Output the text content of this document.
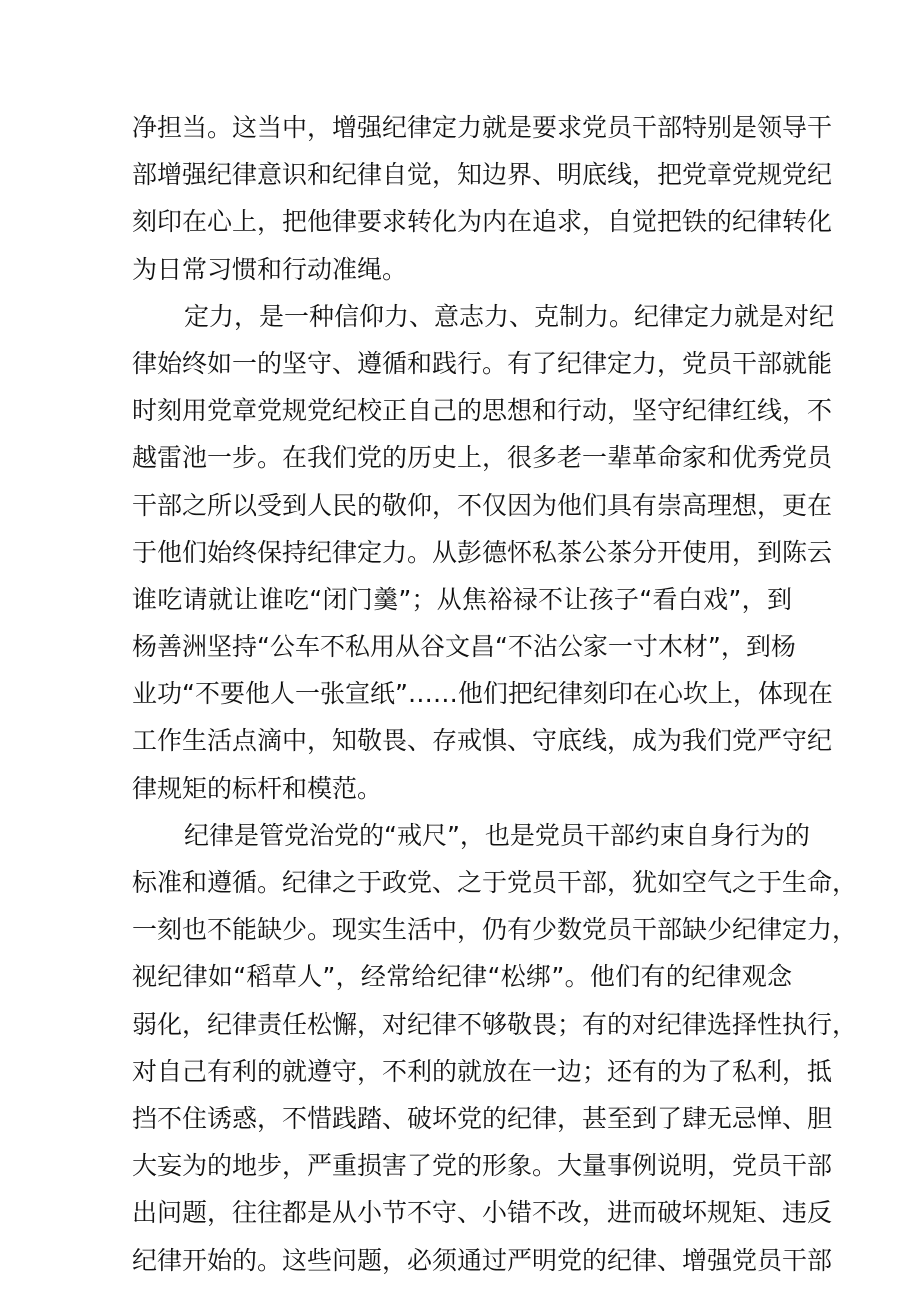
净担当。这当中，增强纪律定力就是要求党员干部特别是领导干
部增强纪律意识和纪律自觉，知边界、明底线，把党章党规党纪
刻印在心上，把他律要求转化为内在追求，自觉把铁的纪律转化
为日常习惯和行动准绳。
定力，是一种信仰力、意志力、克制力。纪律定力就是对纪
律始终如一的坚守、遵循和践行。有了纪律定力，党员干部就能
时刻用党章党规党纪校正自己的思想和行动，坚守纪律红线，不
越雷池一步。在我们党的历史上，很多老一辈革命家和优秀党员
干部之所以受到人民的敬仰，不仅因为他们具有崇高理想，更在
于他们始终保持纪律定力。从彭德怀私茶公茶分开使用，到陈云
谁吃请就让谁吃“闭门羹”；从焦裕禄不让孩子“看白戏”，到
杨善洲坚持“公车不私用从谷文昌“不沾公家一寸木材”，到杨
业功“不要他人一张宣纸”……他们把纪律刻印在心坎上，体现在
工作生活点滴中，知敬畏、存戒惧、守底线，成为我们党严守纪
律规矩的标杆和模范。
纪律是管党治党的“戒尺”，也是党员干部约束自身行为的
标准和遵循。纪律之于政党、之于党员干部，犹如空气之于生命，
一刻也不能缺少。现实生活中，仍有少数党员干部缺少纪律定力，
视纪律如“稻草人”，经常给纪律“松绑”。他们有的纪律观念
弱化，纪律责任松懈，对纪律不够敬畏；有的对纪律选择性执行，
对自己有利的就遵守，不利的就放在一边；还有的为了私利，抵
挡不住诱惑，不惜践踏、破坏党的纪律，甚至到了肆无忌惮、胆
大妄为的地步，严重损害了党的形象。大量事例说明，党员干部
出问题，往往都是从小节不守、小错不改，进而破坏规矩、违反
纪律开始的。这些问题，必须通过严明党的纪律、增强党员干部
